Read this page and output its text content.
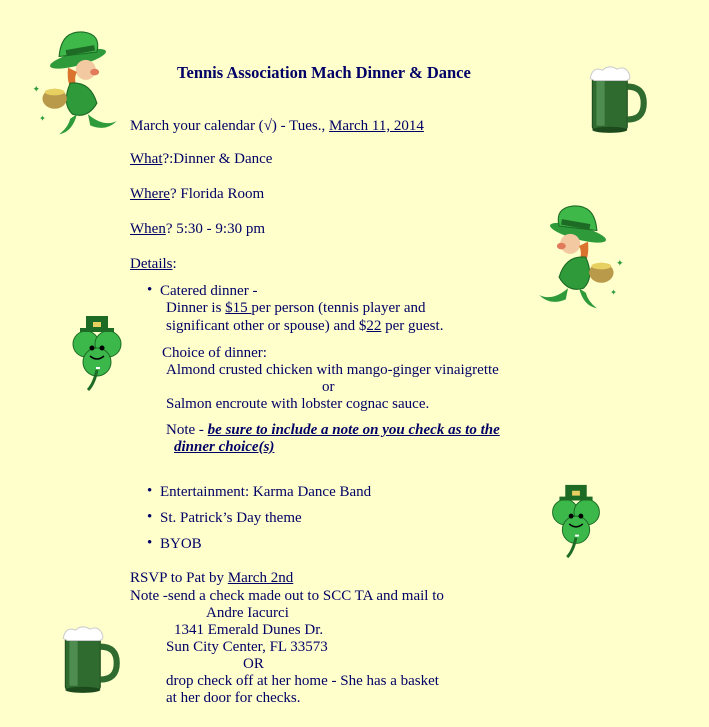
Tennis Association Mach Dinner & Dance
March your calendar (√) - Tues., March 11, 2014
What?:Dinner & Dance
Where? Florida Room
When? 5:30 - 9:30 pm
Details:
• Catered dinner -
Dinner is $15 per person (tennis player and
significant other or spouse) and $22 per guest.
Choice of dinner:
Almond crusted chicken with mango-ginger vinaigrette
or
Salmon encroute with lobster cognac sauce.
Note - be sure to include a note on you check as to the
dinner choice(s)
• Entertainment: Karma Dance Band
• St. Patrick’s Day theme
• BYOB
RSVP to Pat by March 2nd
Note -send a check made out to SCC TA and mail to
Andre Iacurci
1341 Emerald Dunes Dr.
Sun City Center, FL 33573
OR
drop check off at her home - She has a basket
at her door for checks.
